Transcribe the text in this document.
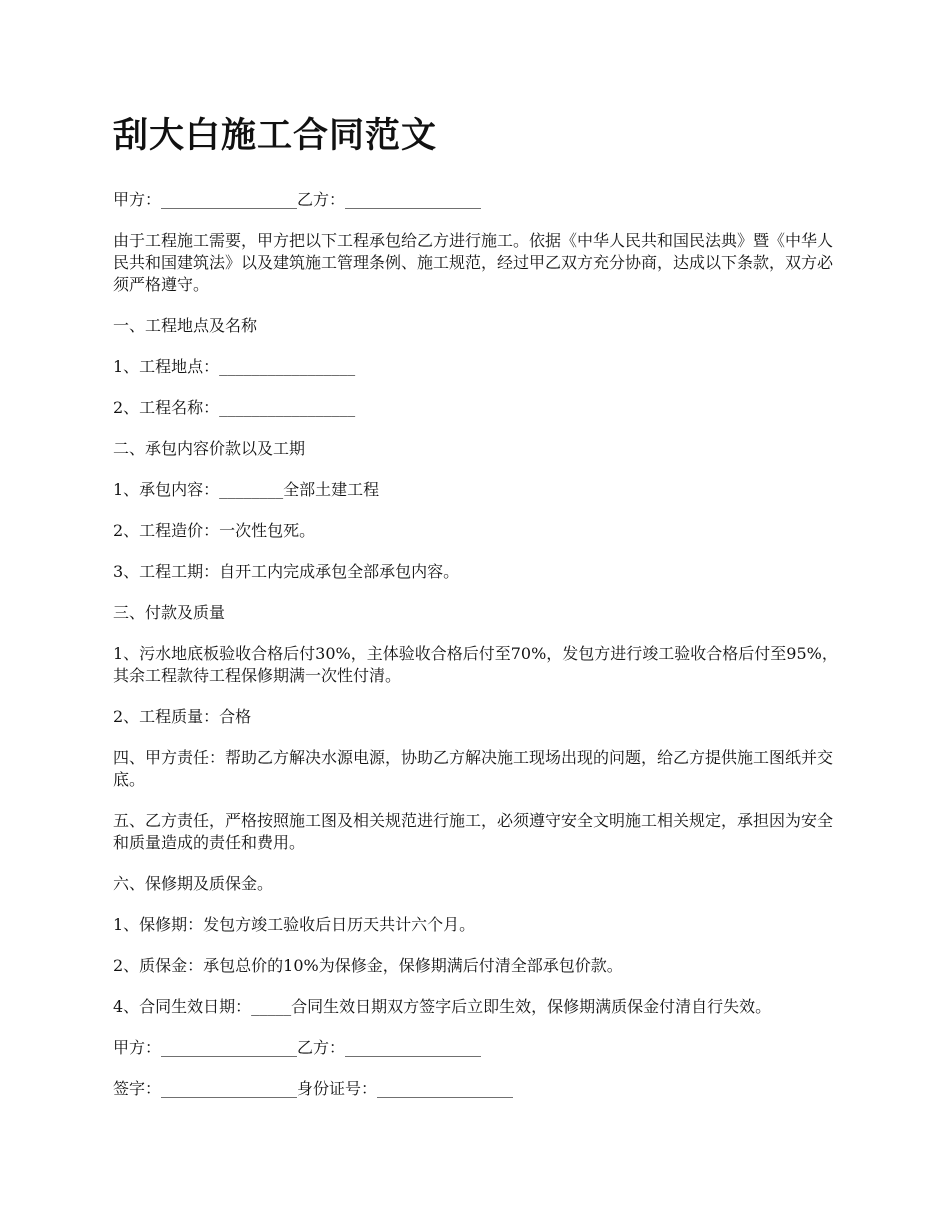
刮大白施工合同范文

甲方：_________________乙方：_________________

由于工程施工需要，甲方把以下工程承包给乙方进行施工。依据《中华人民共和国民法典》暨《中华人民共和国建筑法》以及建筑施工管理条例、施工规范，经过甲乙双方充分协商，达成以下条款，双方必须严格遵守。

一、工程地点及名称

1、工程地点：_________________

2、工程名称：_________________

二、承包内容价款以及工期

1、承包内容：________全部土建工程

2、工程造价：一次性包死。

3、工程工期：自开工内完成承包全部承包内容。

三、付款及质量

1、污水地底板验收合格后付30%，主体验收合格后付至70%，发包方进行竣工验收合格后付至95%，其余工程款待工程保修期满一次性付清。

2、工程质量：合格

四、甲方责任：帮助乙方解决水源电源，协助乙方解决施工现场出现的问题，给乙方提供施工图纸并交底。

五、乙方责任，严格按照施工图及相关规范进行施工，必须遵守安全文明施工相关规定，承担因为安全和质量造成的责任和费用。

六、保修期及质保金。

1、保修期：发包方竣工验收后日历天共计六个月。

2、质保金：承包总价的10%为保修金，保修期满后付清全部承包价款。

4、合同生效日期：_____合同生效日期双方签字后立即生效，保修期满质保金付清自行失效。

甲方：_________________乙方：_________________

签字：_________________身份证号：_________________
